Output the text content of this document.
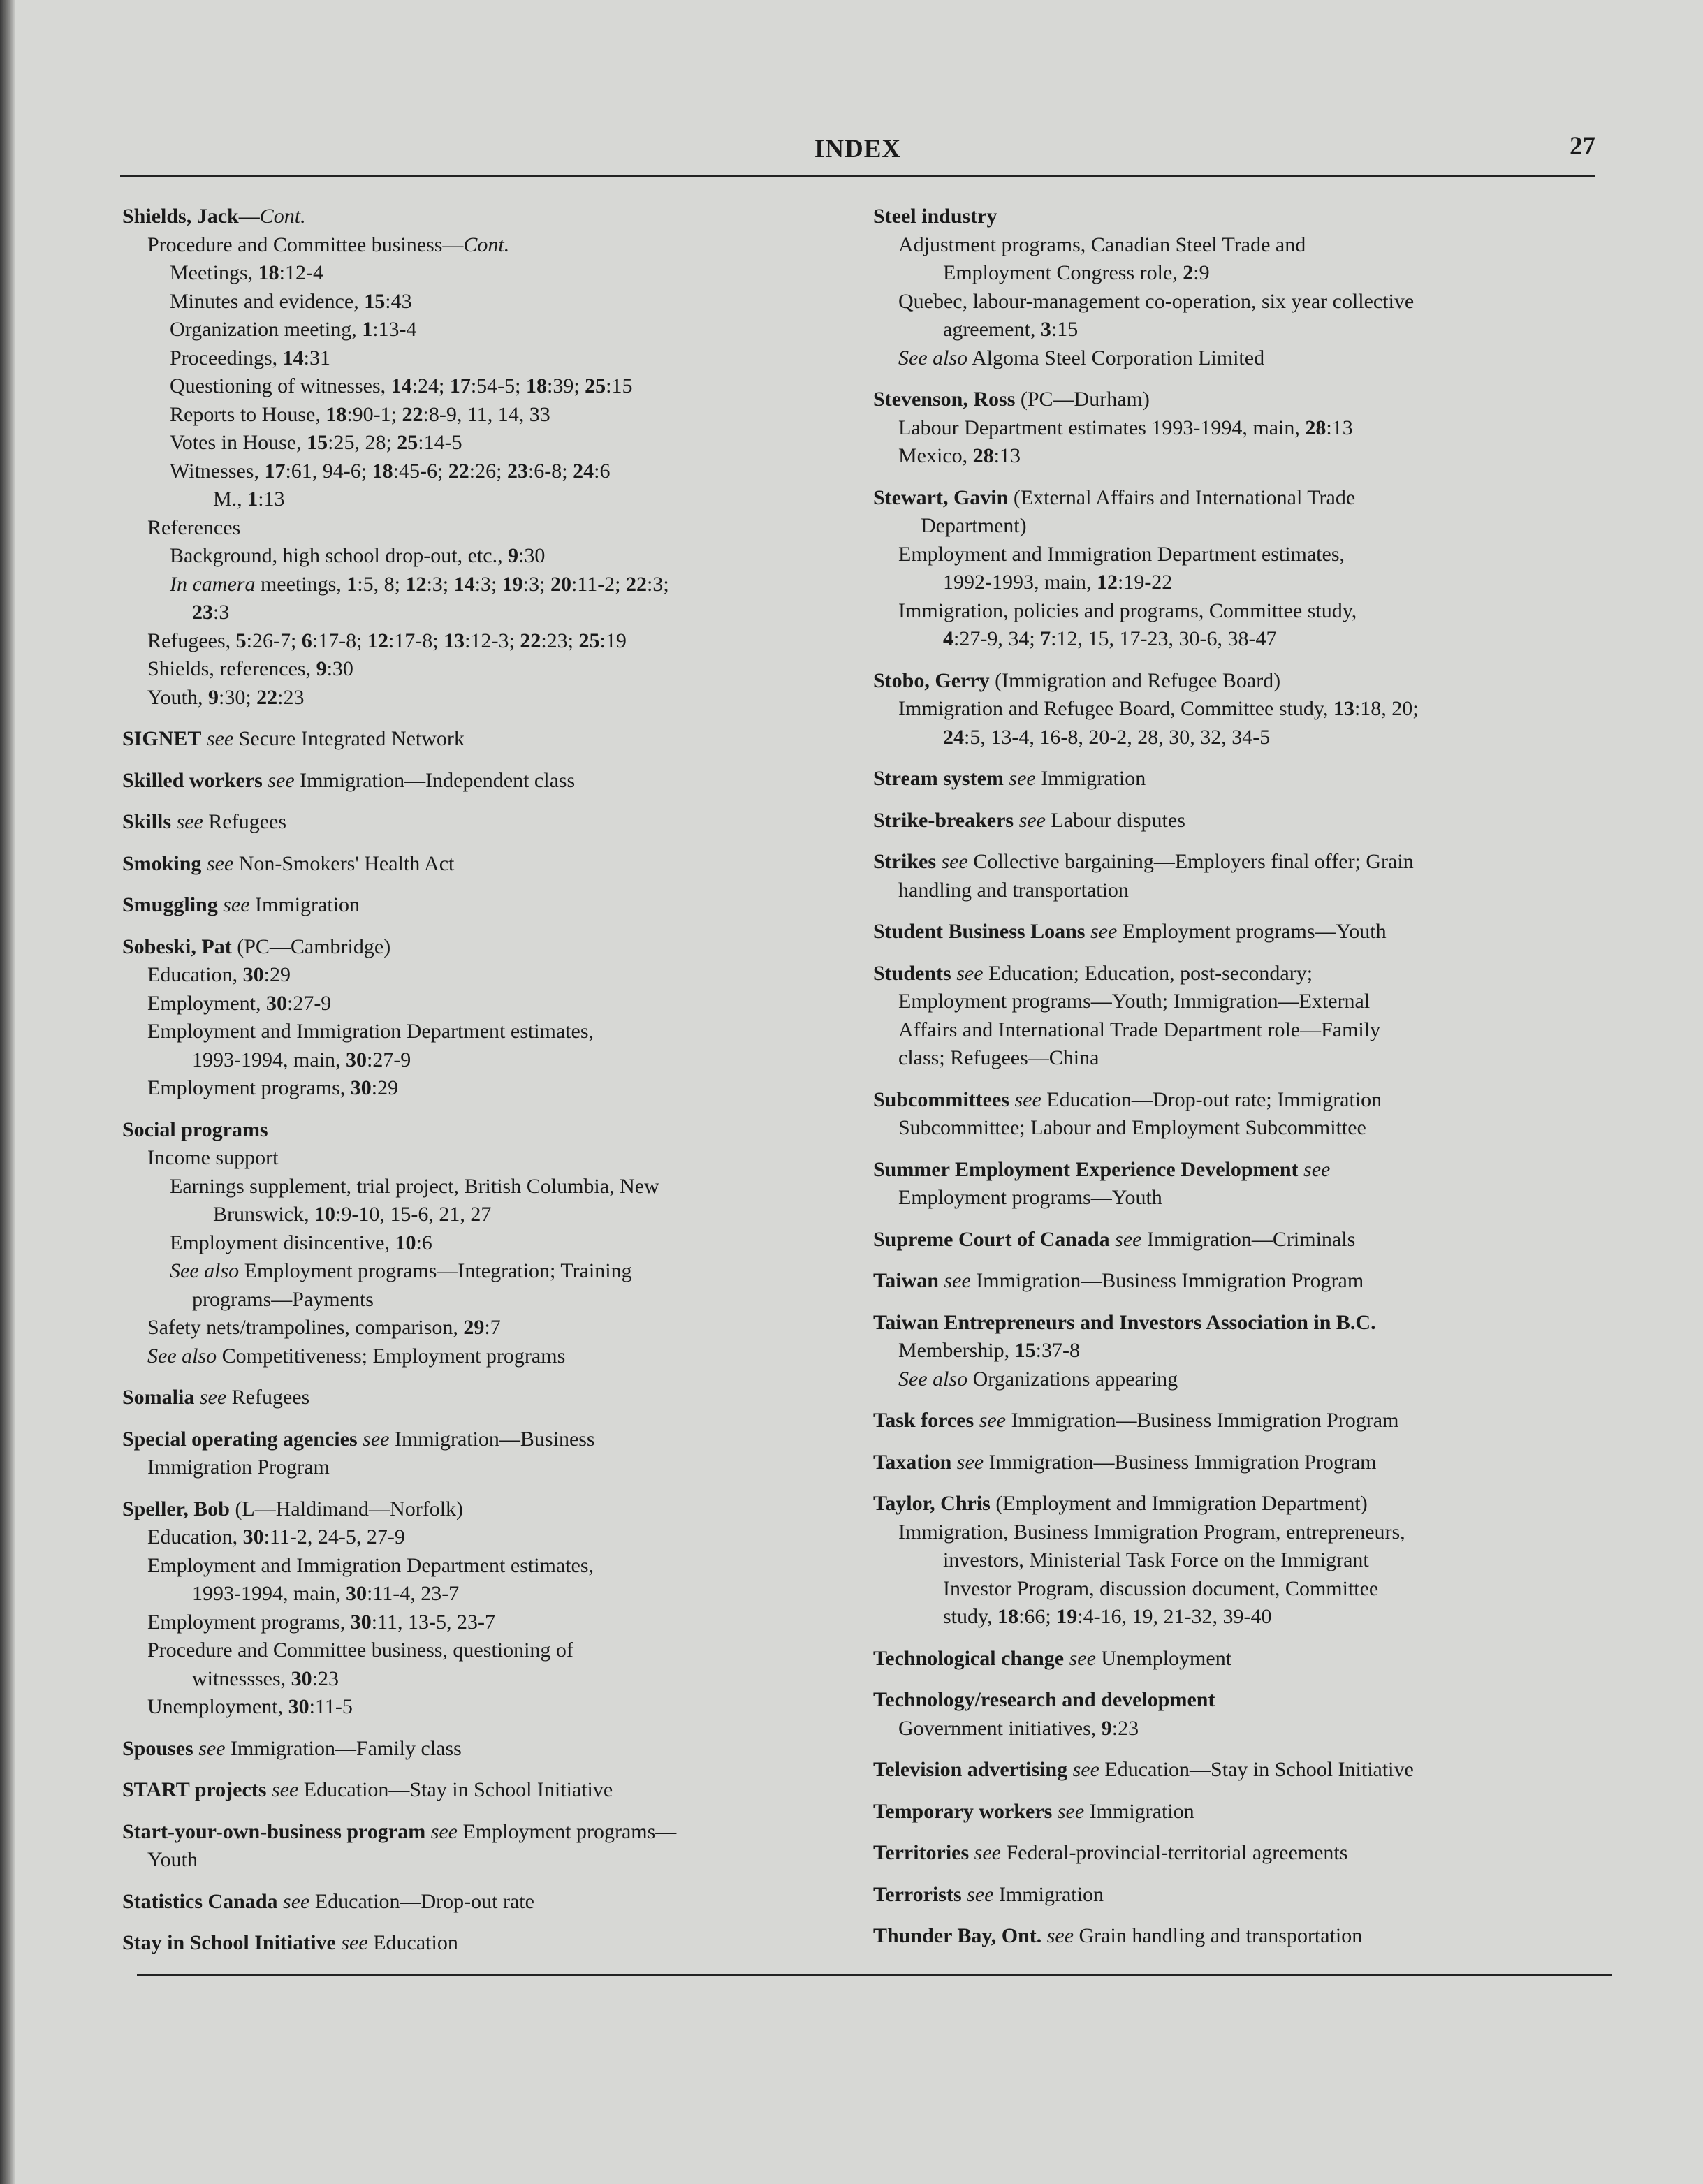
INDEX	27
Shields, Jack—Cont.
Procedure and Committee business—Cont.
Meetings, 18:12-4
Minutes and evidence, 15:43
Organization meeting, 1:13-4
Proceedings, 14:31
Questioning of witnesses, 14:24; 17:54-5; 18:39; 25:15
Reports to House, 18:90-1; 22:8-9, 11, 14, 33
Votes in House, 15:25, 28; 25:14-5
Witnesses, 17:61, 94-6; 18:45-6; 22:26; 23:6-8; 24:6
M., 1:13
References
Background, high school drop-out, etc., 9:30
In camera meetings, 1:5, 8; 12:3; 14:3; 19:3; 20:11-2; 22:3;
23:3
Refugees, 5:26-7; 6:17-8; 12:17-8; 13:12-3; 22:23; 25:19
Shields, references, 9:30
Youth, 9:30; 22:23
SIGNET see Secure Integrated Network
Skilled workers see Immigration—Independent class
Skills see Refugees
Smoking see Non-Smokers' Health Act
Smuggling see Immigration
Sobeski, Pat (PC—Cambridge)
Education, 30:29
Employment, 30:27-9
Employment and Immigration Department estimates,
1993-1994, main, 30:27-9
Employment programs, 30:29
Social programs
Income support
Earnings supplement, trial project, British Columbia, New
Brunswick, 10:9-10, 15-6, 21, 27
Employment disincentive, 10:6
See also Employment programs—Integration; Training
programs—Payments
Safety nets/trampolines, comparison, 29:7
See also Competitiveness; Employment programs
Somalia see Refugees
Special operating agencies see Immigration—Business
Immigration Program
Speller, Bob (L—Haldimand—Norfolk)
Education, 30:11-2, 24-5, 27-9
Employment and Immigration Department estimates,
1993-1994, main, 30:11-4, 23-7
Employment programs, 30:11, 13-5, 23-7
Procedure and Committee business, questioning of
witnessses, 30:23
Unemployment, 30:11-5
Spouses see Immigration—Family class
START projects see Education—Stay in School Initiative
Start-your-own-business program see Employment programs—
Youth
Statistics Canada see Education—Drop-out rate
Stay in School Initiative see Education
Steel industry
Adjustment programs, Canadian Steel Trade and
Employment Congress role, 2:9
Quebec, labour-management co-operation, six year collective
agreement, 3:15
See also Algoma Steel Corporation Limited
Stevenson, Ross (PC—Durham)
Labour Department estimates 1993-1994, main, 28:13
Mexico, 28:13
Stewart, Gavin (External Affairs and International Trade
Department)
Employment and Immigration Department estimates,
1992-1993, main, 12:19-22
Immigration, policies and programs, Committee study,
4:27-9, 34; 7:12, 15, 17-23, 30-6, 38-47
Stobo, Gerry (Immigration and Refugee Board)
Immigration and Refugee Board, Committee study, 13:18, 20;
24:5, 13-4, 16-8, 20-2, 28, 30, 32, 34-5
Stream system see Immigration
Strike-breakers see Labour disputes
Strikes see Collective bargaining—Employers final offer; Grain
handling and transportation
Student Business Loans see Employment programs—Youth
Students see Education; Education, post-secondary;
Employment programs—Youth; Immigration—External
Affairs and International Trade Department role—Family
class; Refugees—China
Subcommittees see Education—Drop-out rate; Immigration
Subcommittee; Labour and Employment Subcommittee
Summer Employment Experience Development see
Employment programs—Youth
Supreme Court of Canada see Immigration—Criminals
Taiwan see Immigration—Business Immigration Program
Taiwan Entrepreneurs and Investors Association in B.C.
Membership, 15:37-8
See also Organizations appearing
Task forces see Immigration—Business Immigration Program
Taxation see Immigration—Business Immigration Program
Taylor, Chris (Employment and Immigration Department)
Immigration, Business Immigration Program, entrepreneurs,
investors, Ministerial Task Force on the Immigrant
Investor Program, discussion document, Committee
study, 18:66; 19:4-16, 19, 21-32, 39-40
Technological change see Unemployment
Technology/research and development
Government initiatives, 9:23
Television advertising see Education—Stay in School Initiative
Temporary workers see Immigration
Territories see Federal-provincial-territorial agreements
Terrorists see Immigration
Thunder Bay, Ont. see Grain handling and transportation
